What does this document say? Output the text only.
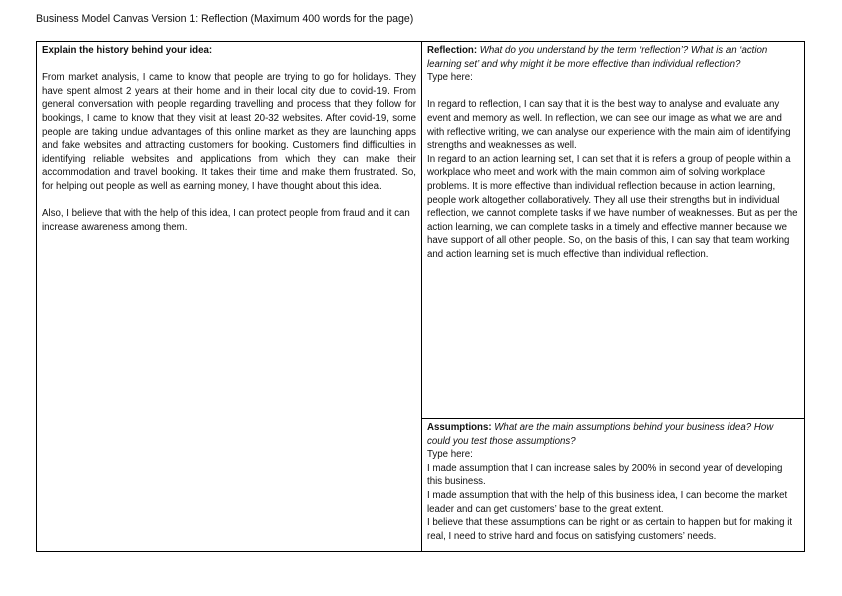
Business Model Canvas Version 1: Reflection (Maximum 400 words for the page)

Explain the history behind your idea:

From market analysis, I came to know that people are trying to go for holidays. They have spent almost 2 years at their home and in their local city due to covid-19. From general conversation with people regarding travelling and process that they follow for bookings, I came to know that they visit at least 20-32 websites. After covid-19, some people are taking undue advantages of this online market as they are launching apps and fake websites and attracting customers for booking. Customers find difficulties in identifying reliable websites and applications from which they can make their accommodation and travel booking. It takes their time and make them frustrated. So, for helping out people as well as earning money, I have thought about this idea.

Also, I believe that with the help of this idea, I can protect people from fraud and it can increase awareness among them.

Reflection: What do you understand by the term ‘reflection’? What is an ‘action learning set’ and why might it be more effective than individual reflection?

Type here:

In regard to reflection, I can say that it is the best way to analyse and evaluate any event and memory as well. In reflection, we can see our image as what we are and with reflective writing, we can analyse our experience with the main aim of identifying strengths and weaknesses as well.

In regard to an action learning set, I can set that it is refers a group of people within a workplace who meet and work with the main common aim of solving workplace problems. It is more effective than individual reflection because in action learning, people work altogether collaboratively. They all use their strengths but in individual reflection, we cannot complete tasks if we have number of weaknesses. But as per the action learning, we can complete tasks in a timely and effective manner because we have support of all other people. So, on the basis of this, I can say that team working and action learning set is much effective than individual reflection.

Assumptions: What are the main assumptions behind your business idea? How could you test those assumptions?

Type here:

I made assumption that I can increase sales by 200% in second year of developing this business.

I made assumption that with the help of this business idea, I can become the market leader and can get customers’ base to the great extent.

I believe that these assumptions can be right or as certain to happen but for making it real, I need to strive hard and focus on satisfying customers’ needs.
